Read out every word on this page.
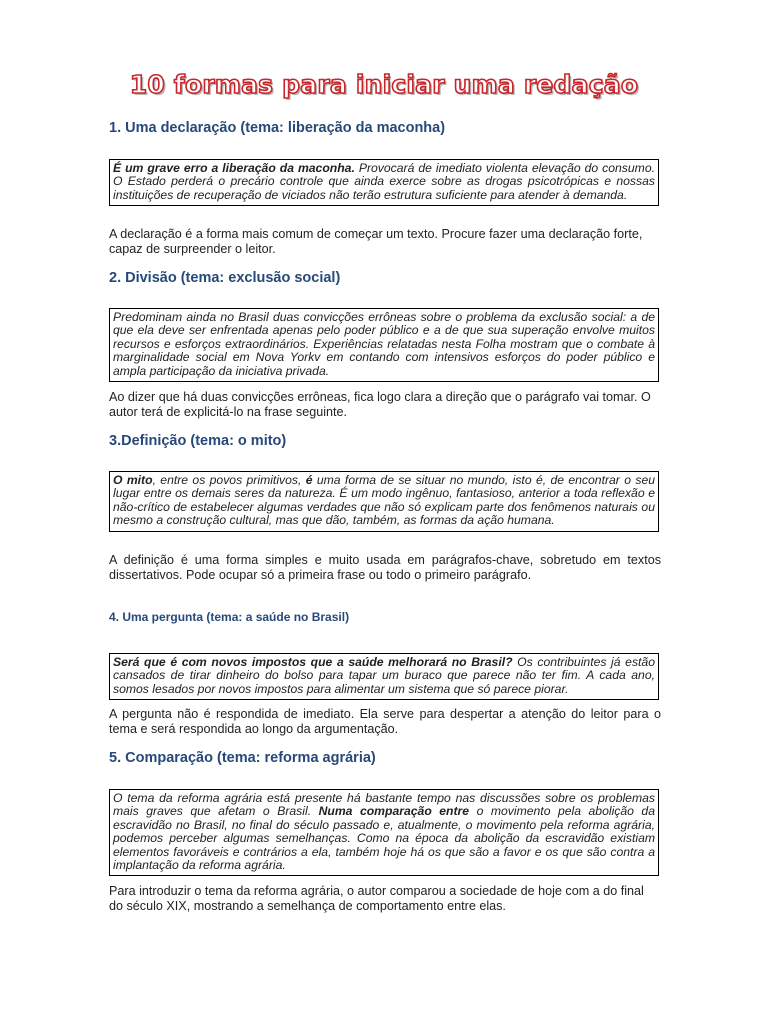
10 formas para iniciar uma redação
1. Uma declaração (tema: liberação da maconha)
É um grave erro a liberação da maconha. Provocará de imediato violenta elevação do consumo. O Estado perderá o precário controle que ainda exerce sobre as drogas psicotrópicas e nossas instituições de recuperação de viciados não terão estrutura suficiente para atender à demanda.
A declaração é a forma mais comum de começar um texto. Procure fazer uma declaração forte, capaz de surpreender o leitor.
2. Divisão (tema: exclusão social)
Predominam ainda no Brasil duas convicções errôneas sobre o problema da exclusão social: a de que ela deve ser enfrentada apenas pelo poder público e a de que sua superação envolve muitos recursos e esforços extraordinários. Experiências relatadas nesta Folha mostram que o combate à marginalidade social em Nova Yorkv em contando com intensivos esforços do poder público e ampla participação da iniciativa privada.
Ao dizer que há duas convicções errôneas, fica logo clara a direção que o parágrafo vai tomar. O autor terá de explicitá-lo na frase seguinte.
3.Definição (tema: o mito)
O mito, entre os povos primitivos, é uma forma de se situar no mundo, isto é, de encontrar o seu lugar entre os demais seres da natureza. É um modo ingênuo, fantasioso, anterior a toda reflexão e não-crítico de estabelecer algumas verdades que não só explicam parte dos fenômenos naturais ou mesmo a construção cultural, mas que dão, também, as formas da ação humana.
A definição é uma forma simples e muito usada em parágrafos-chave, sobretudo em textos dissertativos. Pode ocupar só a primeira frase ou todo o primeiro parágrafo.
4. Uma pergunta (tema: a saúde no Brasil)
Será que é com novos impostos que a saúde melhorará no Brasil? Os contribuintes já estão cansados de tirar dinheiro do bolso para tapar um buraco que parece não ter fim. A cada ano, somos lesados por novos impostos para alimentar um sistema que só parece piorar.
A pergunta não é respondida de imediato. Ela serve para despertar a atenção do leitor para o tema e será respondida ao longo da argumentação.
5. Comparação (tema: reforma agrária)
O tema da reforma agrária está presente há bastante tempo nas discussões sobre os problemas mais graves que afetam o Brasil. Numa comparação entre o movimento pela abolição da escravidão no Brasil, no final do século passado e, atualmente, o movimento pela reforma agrária, podemos perceber algumas semelhanças. Como na época da abolição da escravidão existiam elementos favoráveis e contrários a ela, também hoje há os que são a favor e os que são contra a implantação da reforma agrária.
Para introduzir o tema da reforma agrária, o autor comparou a sociedade de hoje com a do final do século XIX, mostrando a semelhança de comportamento entre elas.
